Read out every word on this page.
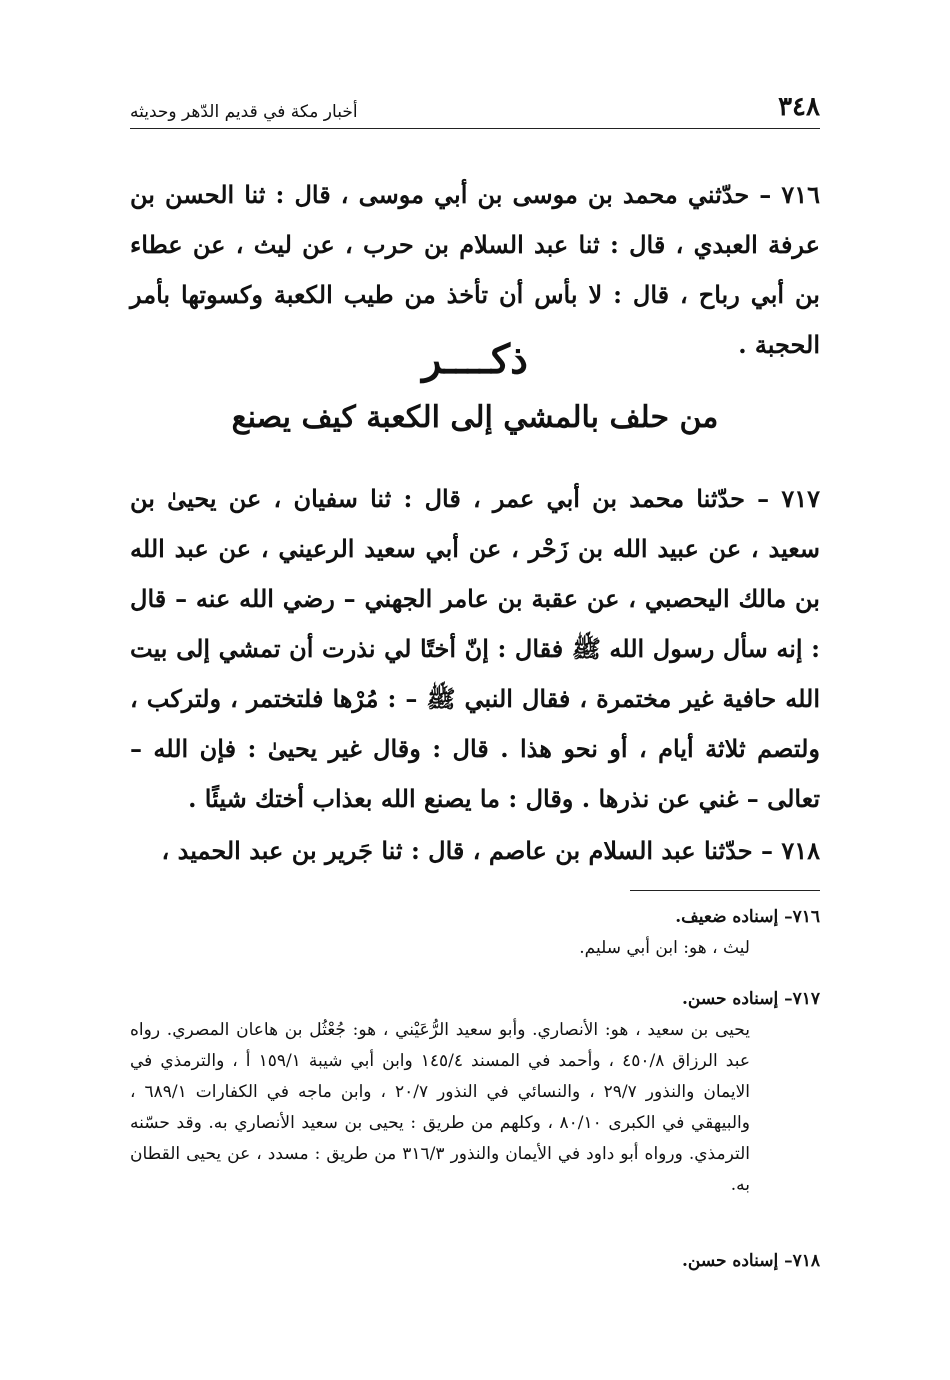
٣٤٨
أخبار مكة في قديم الدّهر وحديثه

٧١٦ – حدّثني محمد بن موسى بن أبي موسى ، قال : ثنا الحسن بن عرفة العبدي ، قال : ثنا عبد السلام بن حرب ، عن ليث ، عن عطاء بن أبي رباح ، قال : لا بأس أن تأخذ من طيب الكعبة وكسوتها بأمر الحجبة .

ذكــــر
من حلف بالمشي إلى الكعبة كيف يصنع

٧١٧ – حدّثنا محمد بن أبي عمر ، قال : ثنا سفيان ، عن يحيىٰ بن سعيد ، عن عبيد الله بن زَحْر ، عن أبي سعيد الرعيني ، عن عبد الله بن مالك اليحصبي ، عن عقبة بن عامر الجهني – رضي الله عنه – قال : إنه سأل رسول الله ﷺ فقال : إنّ أختًا لي نذرت أن تمشي إلى بيت الله حافية غير مختمرة ، فقال النبي ﷺ – : مُرْها فلتختمر ، ولتركب ، ولتصم ثلاثة أيام ، أو نحو هذا . قال : وقال غير يحيىٰ : فإن الله – تعالى – غني عن نذرها . وقال : ما يصنع الله بعذاب أختك شيئًا .

٧١٨ – حدّثنا عبد السلام بن عاصم ، قال : ثنا جَرير بن عبد الحميد ،

٧١٦– إسناده ضعيف.
ليث ، هو: ابن أبي سليم.
٧١٧– إسناده حسن.
يحيى بن سعيد ، هو: الأنصاري. وأبو سعيد الرُّعَيْني ، هو: جُعْثُل بن هاعان المصري. رواه عبد الرزاق ٤٥٠/٨ ، وأحمد في المسند ١٤٥/٤ وابن أبي شيبة ١٥٩/١ أ ، والترمذي في الايمان والنذور ٢٩/٧ ، والنسائي في النذور ٢٠/٧ ، وابن ماجه في الكفارات ٦٨٩/١ ، والبيهقي في الكبرى ٨٠/١٠ ، وكلهم من طريق : يحيى بن سعيد الأنصاري به. وقد حسّنه الترمذي. ورواه أبو داود في الأيمان والنذور ٣١٦/٣ من طريق : مسدد ، عن يحيى القطان به.
٧١٨– إسناده حسن.
